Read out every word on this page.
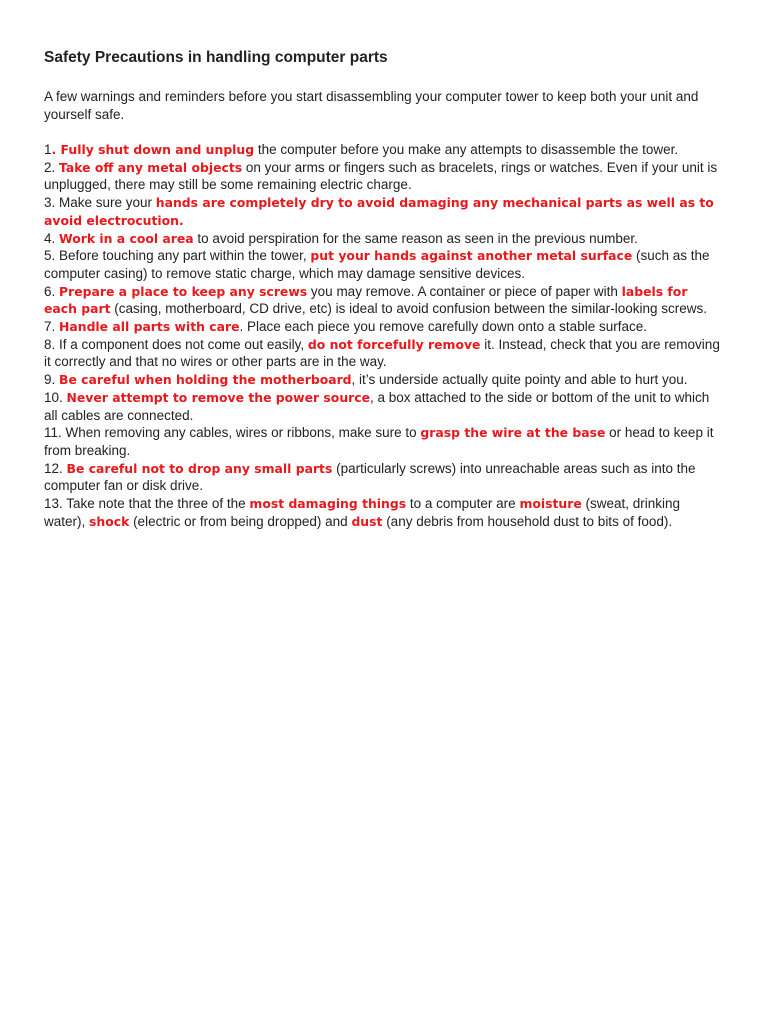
Safety Precautions in handling computer parts

A few warnings and reminders before you start disassembling your computer tower to keep both your unit and yourself safe.

1. Fully shut down and unplug the computer before you make any attempts to disassemble the tower.
2. Take off any metal objects on your arms or fingers such as bracelets, rings or watches. Even if your unit is unplugged, there may still be some remaining electric charge.
3. Make sure your hands are completely dry to avoid damaging any mechanical parts as well as to avoid electrocution.
4. Work in a cool area to avoid perspiration for the same reason as seen in the previous number.
5. Before touching any part within the tower, put your hands against another metal surface (such as the computer casing) to remove static charge, which may damage sensitive devices.
6. Prepare a place to keep any screws you may remove. A container or piece of paper with labels for each part (casing, motherboard, CD drive, etc) is ideal to avoid confusion between the similar-looking screws.
7. Handle all parts with care. Place each piece you remove carefully down onto a stable surface.
8. If a component does not come out easily, do not forcefully remove it. Instead, check that you are removing it correctly and that no wires or other parts are in the way.
9. Be careful when holding the motherboard, it’s underside actually quite pointy and able to hurt you.
10. Never attempt to remove the power source, a box attached to the side or bottom of the unit to which all cables are connected.
11. When removing any cables, wires or ribbons, make sure to grasp the wire at the base or head to keep it from breaking.
12. Be careful not to drop any small parts (particularly screws) into unreachable areas such as into the computer fan or disk drive.
13. Take note that the three of the most damaging things to a computer are moisture (sweat, drinking water), shock (electric or from being dropped) and dust (any debris from household dust to bits of food).
